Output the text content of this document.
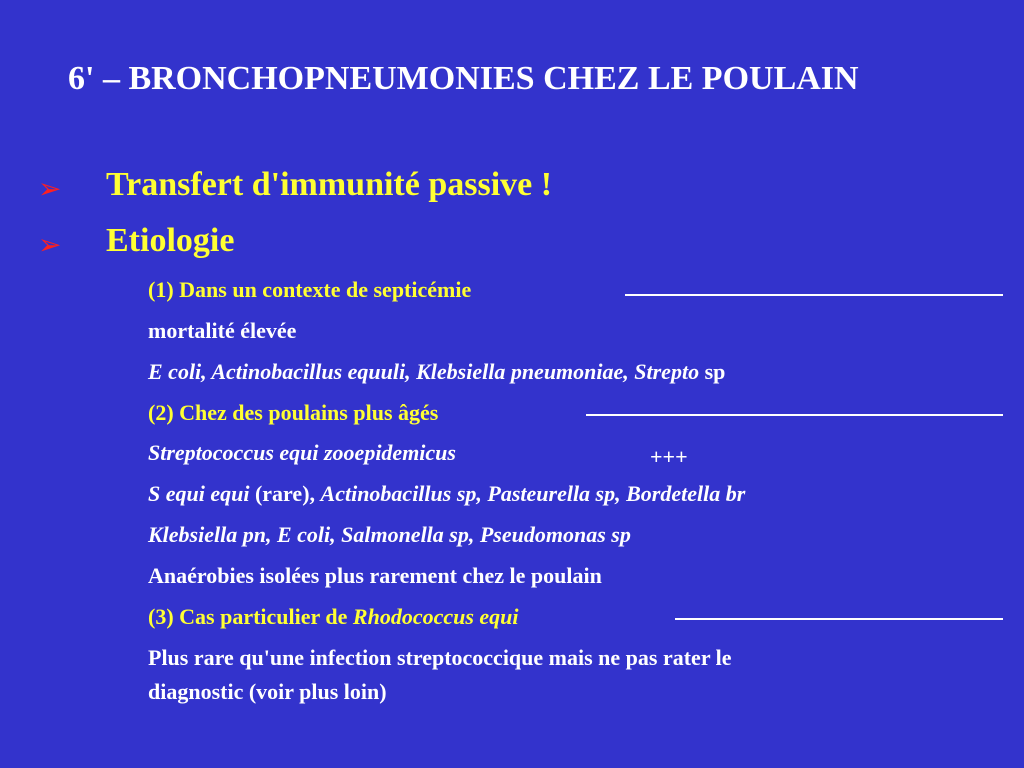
6' – BRONCHOPNEUMONIES CHEZ LE POULAIN
➢ Transfert d'immunité passive !
➢ Etiologie
(1) Dans un contexte de septicémie
mortalité élevée
E coli, Actinobacillus equuli, Klebsiella pneumoniae, Strepto sp
(2) Chez des poulains plus âgés
Streptococcus equi zooepidemicus	+++
S equi equi (rare), Actinobacillus sp, Pasteurella sp, Bordetella br
Klebsiella pn, E coli, Salmonella sp, Pseudomonas sp
Anaérobies isolées plus rarement chez le poulain
(3) Cas particulier de Rhodococcus equi
Plus rare qu'une infection streptococcique mais ne pas rater le
diagnostic (voir plus loin)
